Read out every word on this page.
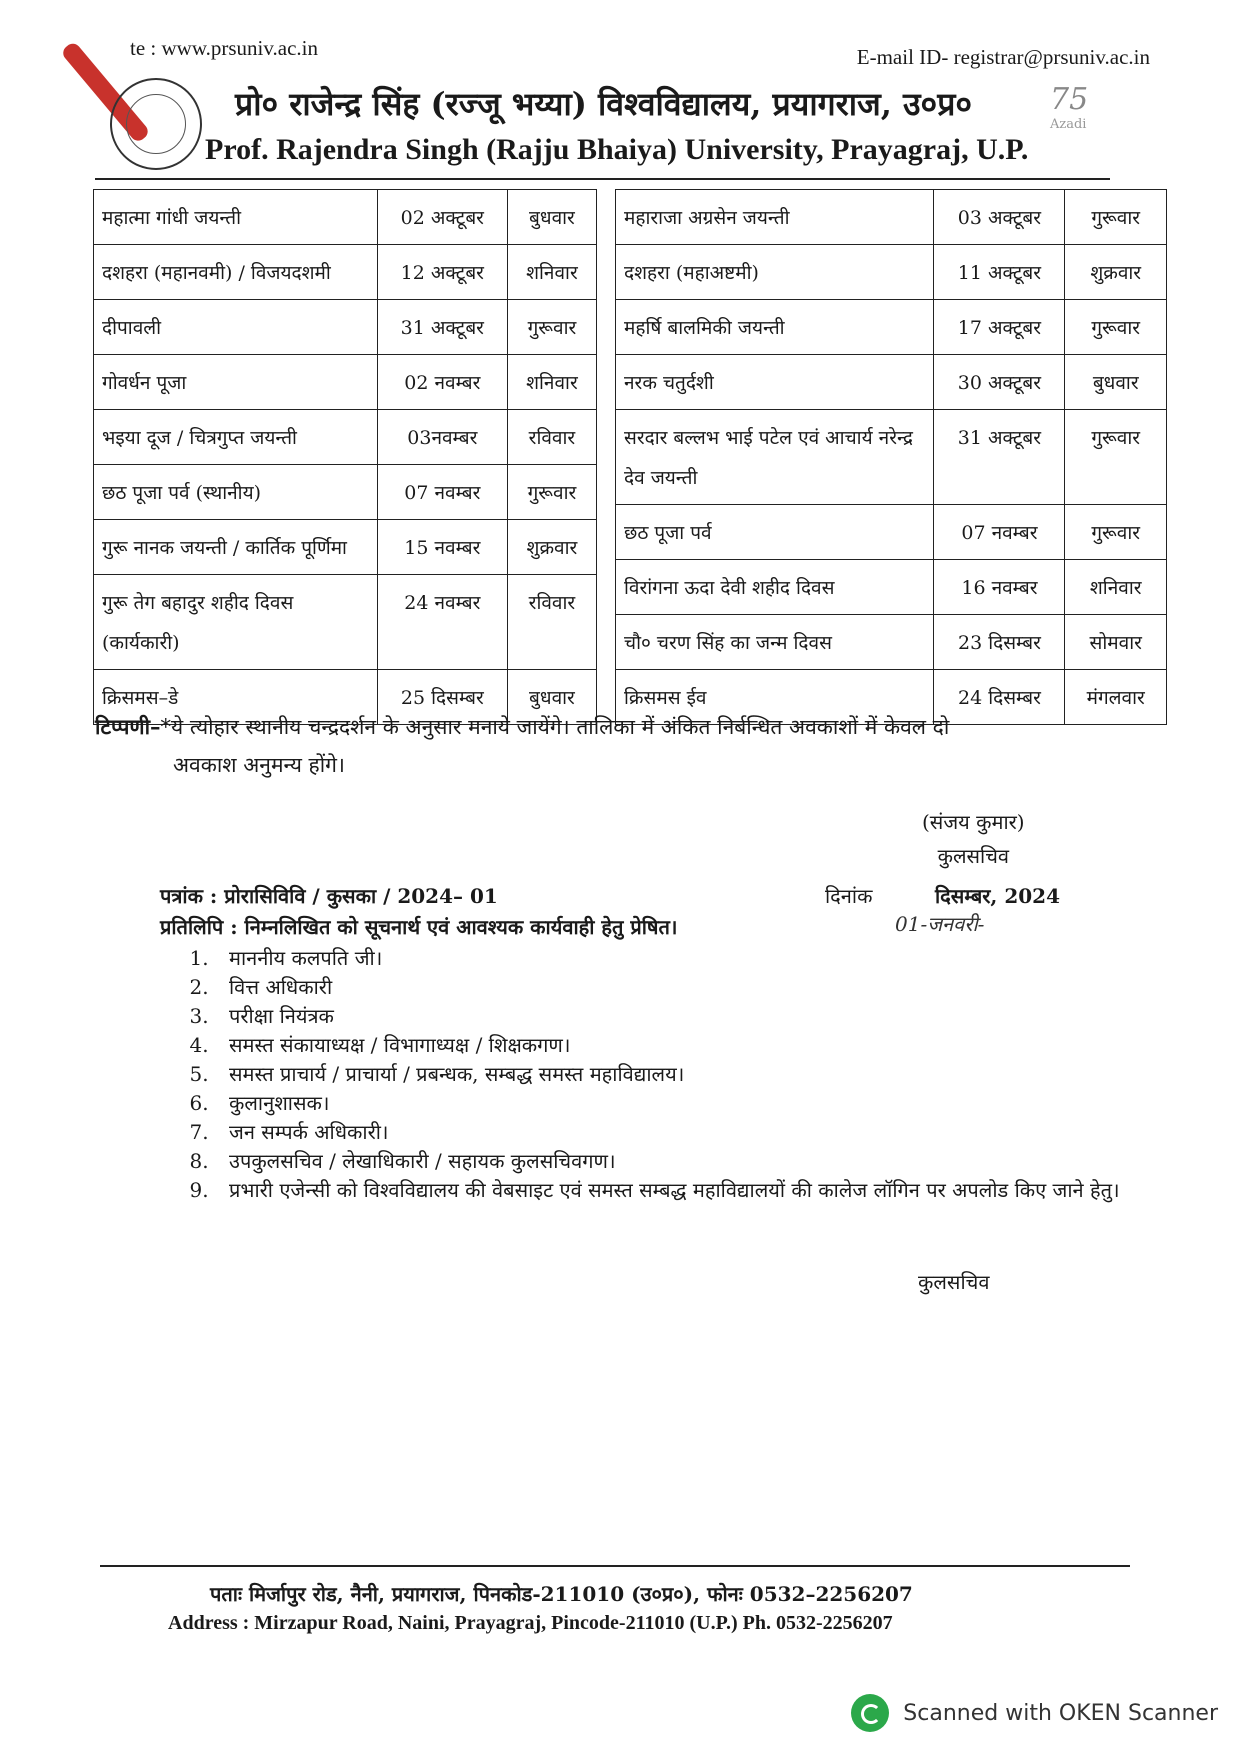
te : www.prsuniv.ac.in	E-mail ID- registrar@prsuniv.ac.in
प्रो० राजेन्द्र सिंह (रज्जू भय्या) विश्वविद्यालय, प्रयागराज, उ०प्र०
Prof. Rajendra Singh (Rajju Bhaiya) University, Prayagraj, U.P.
75
Azadi
महात्मा गांधी जयन्ती	02 अक्टूबर	बुधवार
दशहरा (महानवमी) / विजयदशमी	12 अक्टूबर	शनिवार
दीपावली	31 अक्टूबर	गुरूवार
गोवर्धन पूजा	02 नवम्बर	शनिवार
भइया दूज / चित्रगुप्त जयन्ती	03नवम्बर	रविवार
छठ पूजा पर्व (स्थानीय)	07 नवम्बर	गुरूवार
गुरू नानक जयन्ती / कार्तिक पूर्णिमा	15 नवम्बर	शुक्रवार
गुरू तेग बहादुर शहीद दिवस (कार्यकारी)	24 नवम्बर	रविवार
क्रिसमस–डे	25 दिसम्बर	बुधवार
महाराजा अग्रसेन जयन्ती	03 अक्टूबर	गुरूवार
दशहरा (महाअष्टमी)	11 अक्टूबर	शुक्रवार
महर्षि बालमिकी जयन्ती	17 अक्टूबर	गुरूवार
नरक चतुर्दशी	30 अक्टूबर	बुधवार
सरदार बल्लभ भाई पटेल एवं आचार्य नरेन्द्र देव जयन्ती	31 अक्टूबर	गुरूवार
छठ पूजा पर्व	07 नवम्बर	गुरूवार
विरांगना ऊदा देवी शहीद दिवस	16 नवम्बर	शनिवार
चौ० चरण सिंह का जन्म दिवस	23 दिसम्बर	सोमवार
क्रिसमस ईव	24 दिसम्बर	मंगलवार
टिप्पणी–*ये त्योहार स्थानीय चन्द्रदर्शन के अनुसार मनाये जायेंगे। तालिका में अंकित निर्बन्धित अवकाशों में केवल दो
अवकाश अनुमन्य होंगे।
(संजय कुमार)
कुलसचिव
पत्रांक : प्रोरासिविवि / कुसका / 2024– 01	दिनांक	दिसम्बर, 2024
01-जनवरी-
प्रतिलिपि : निम्नलिखित को सूचनार्थ एवं आवश्यक कार्यवाही हेतु प्रेषित।
1. माननीय कलपति जी।
2. वित्त अधिकारी
3. परीक्षा नियंत्रक
4. समस्त संकायाध्यक्ष / विभागाध्यक्ष / शिक्षकगण।
5. समस्त प्राचार्य / प्राचार्या / प्रबन्धक, सम्बद्ध समस्त महाविद्यालय।
6. कुलानुशासक।
7. जन सम्पर्क अधिकारी।
8. उपकुलसचिव / लेखाधिकारी / सहायक कुलसचिवगण।
9. प्रभारी एजेन्सी को विश्वविद्यालय की वेबसाइट एवं समस्त सम्बद्ध महाविद्यालयों की कालेज लॉगिन पर अपलोड किए जाने हेतु।
कुलसचिव
पताः मिर्जापुर रोड, नैनी, प्रयागराज, पिनकोड-211010 (उ०प्र०), फोनः 0532–2256207
Address : Mirzapur Road, Naini, Prayagraj, Pincode-211010 (U.P.) Ph. 0532-2256207
Scanned with OKEN Scanner
